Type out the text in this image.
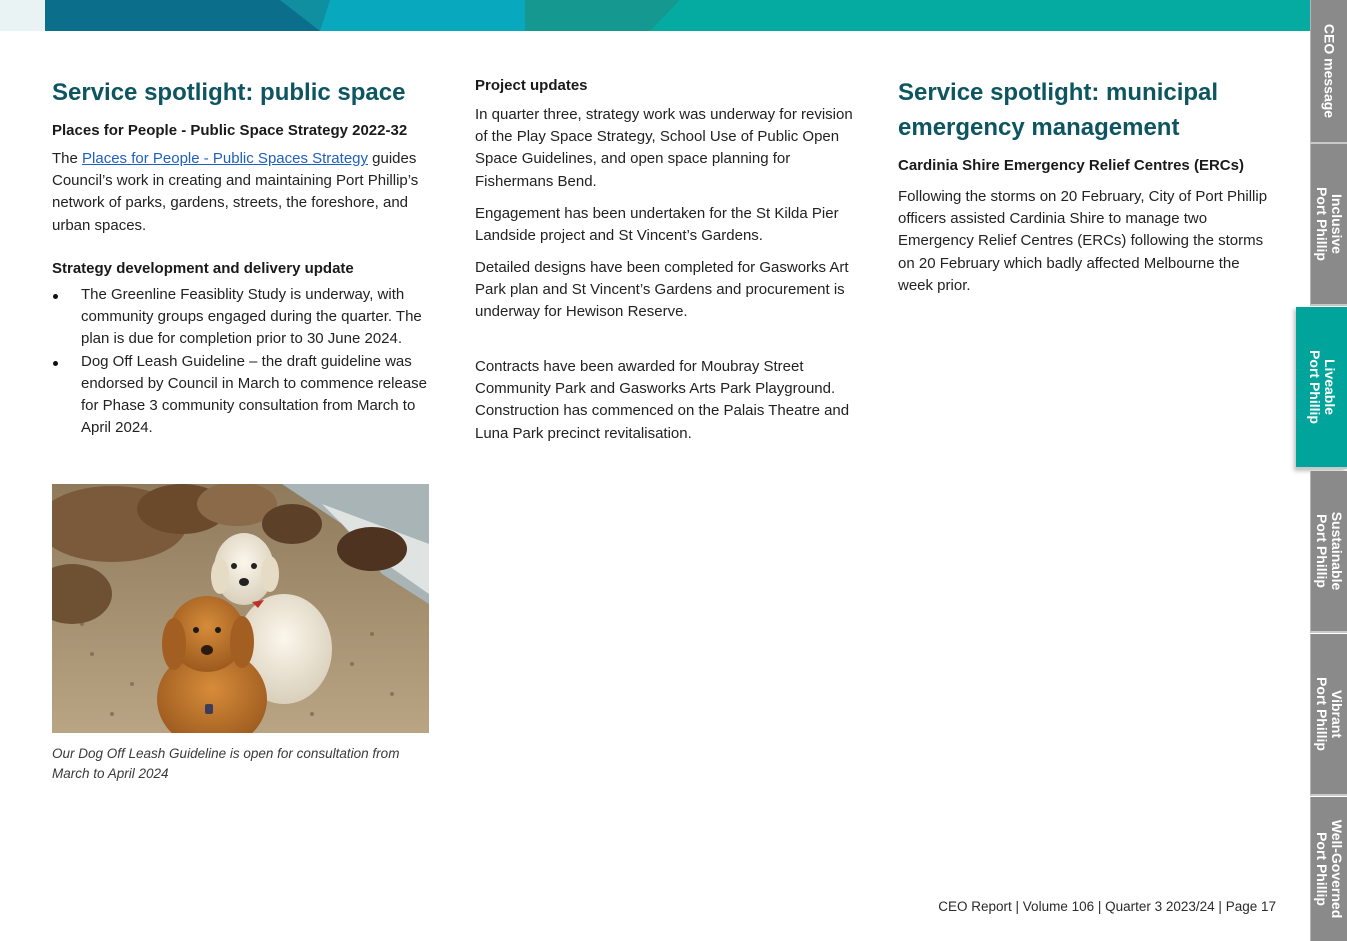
Service spotlight: public space
Places for People - Public Space Strategy 2022-32

The Places for People - Public Spaces Strategy guides Council’s work in creating and maintaining Port Phillip’s network of parks, gardens, streets, the foreshore, and urban spaces.

Strategy development and delivery update
The Greenline Feasiblity Study is underway, with community groups engaged during the quarter. The plan is due for completion prior to 30 June 2024.
Dog Off Leash Guideline – the draft guideline was endorsed by Council in March to commence release for Phase 3 community consultation from March to April 2024.

Our Dog Off Leash Guideline is open for consultation from March to April 2024

Project updates

In quarter three, strategy work was underway for revision of the Play Space Strategy, School Use of Public Open Space Guidelines, and open space planning for Fishermans Bend.

Engagement has been undertaken for the St Kilda Pier Landside project and St Vincent’s Gardens.

Detailed designs have been completed for Gasworks Art Park plan and St Vincent’s Gardens and procurement is underway for Hewison Reserve.

Contracts have been awarded for Moubray Street Community Park and Gasworks Arts Park Playground. Construction has commenced on the Palais Theatre and Luna Park precinct revitalisation.

Service spotlight: municipal
emergency management
Cardinia Shire Emergency Relief Centres (ERCs)

Following the storms on 20 February, City of Port Phillip officers assisted Cardinia Shire to manage two Emergency Relief Centres (ERCs) following the storms on 20 February which badly affected Melbourne the week prior.

CEO Report | Volume 106 | Quarter 3 2023/24 | Page 17

CEO message
Inclusive
Port Phillip
Liveable
Port Phillip
Sustainable
Port Phillip
Vibrant
Port Phillip
Well-Governed
Port Phillip
